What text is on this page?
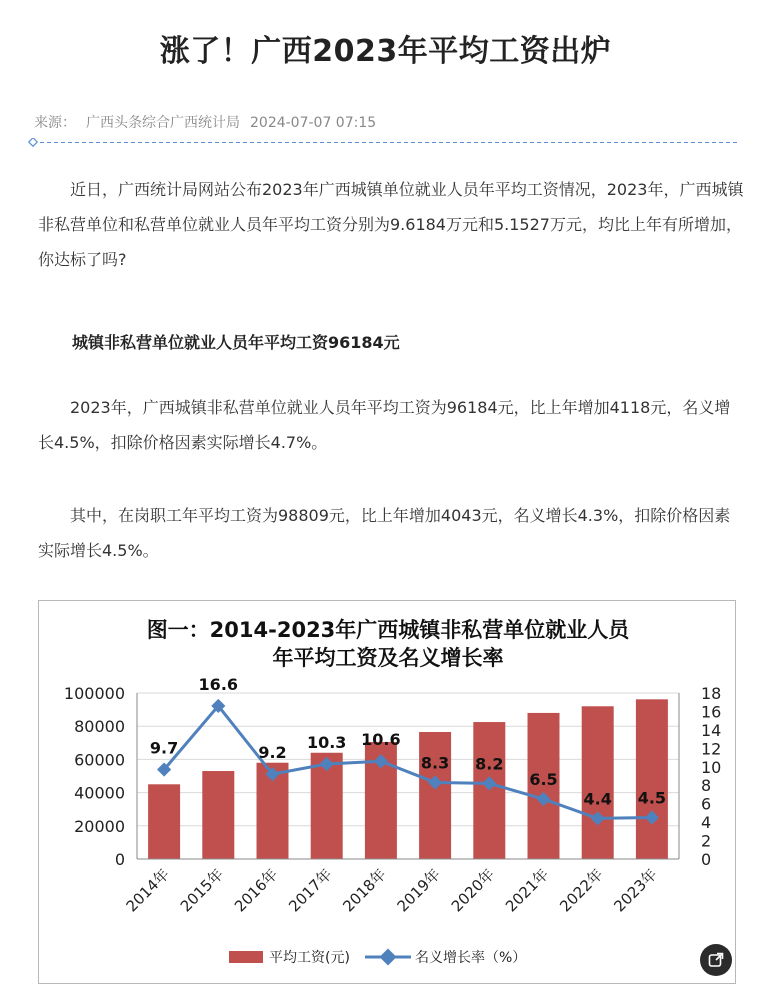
涨了！广西2023年平均工资出炉
来源： 广西头条综合广西统计局 2024-07-07 07:15

近日，广西统计局网站公布2023年广西城镇单位就业人员年平均工资情况，2023年，广西城镇非私营单位和私营单位就业人员年平均工资分别为9.6184万元和5.1527万元，均比上年有所增加，你达标了吗?

城镇非私营单位就业人员年平均工资96184元

2023年，广西城镇非私营单位就业人员年平均工资为96184元，比上年增加4118元，名义增长4.5%，扣除价格因素实际增长4.7%。

其中，在岗职工年平均工资为98809元，比上年增加4043元，名义增长4.3%，扣除价格因素实际增长4.5%。

图一：2014-2023年广西城镇非私营单位就业人员
年平均工资及名义增长率
9.7
16.6
9.2
10.3 10.6
8.3 8.2
6.5
4.4 4.5
0
20000
40000
60000
80000
100000
0
2
4
6
8
10
12
14
16
18
2014年 2015年 2016年 2017年 2018年 2019年 2020年 2021年 2022年 2023年
平均工资(元)	名义增长率（%）
